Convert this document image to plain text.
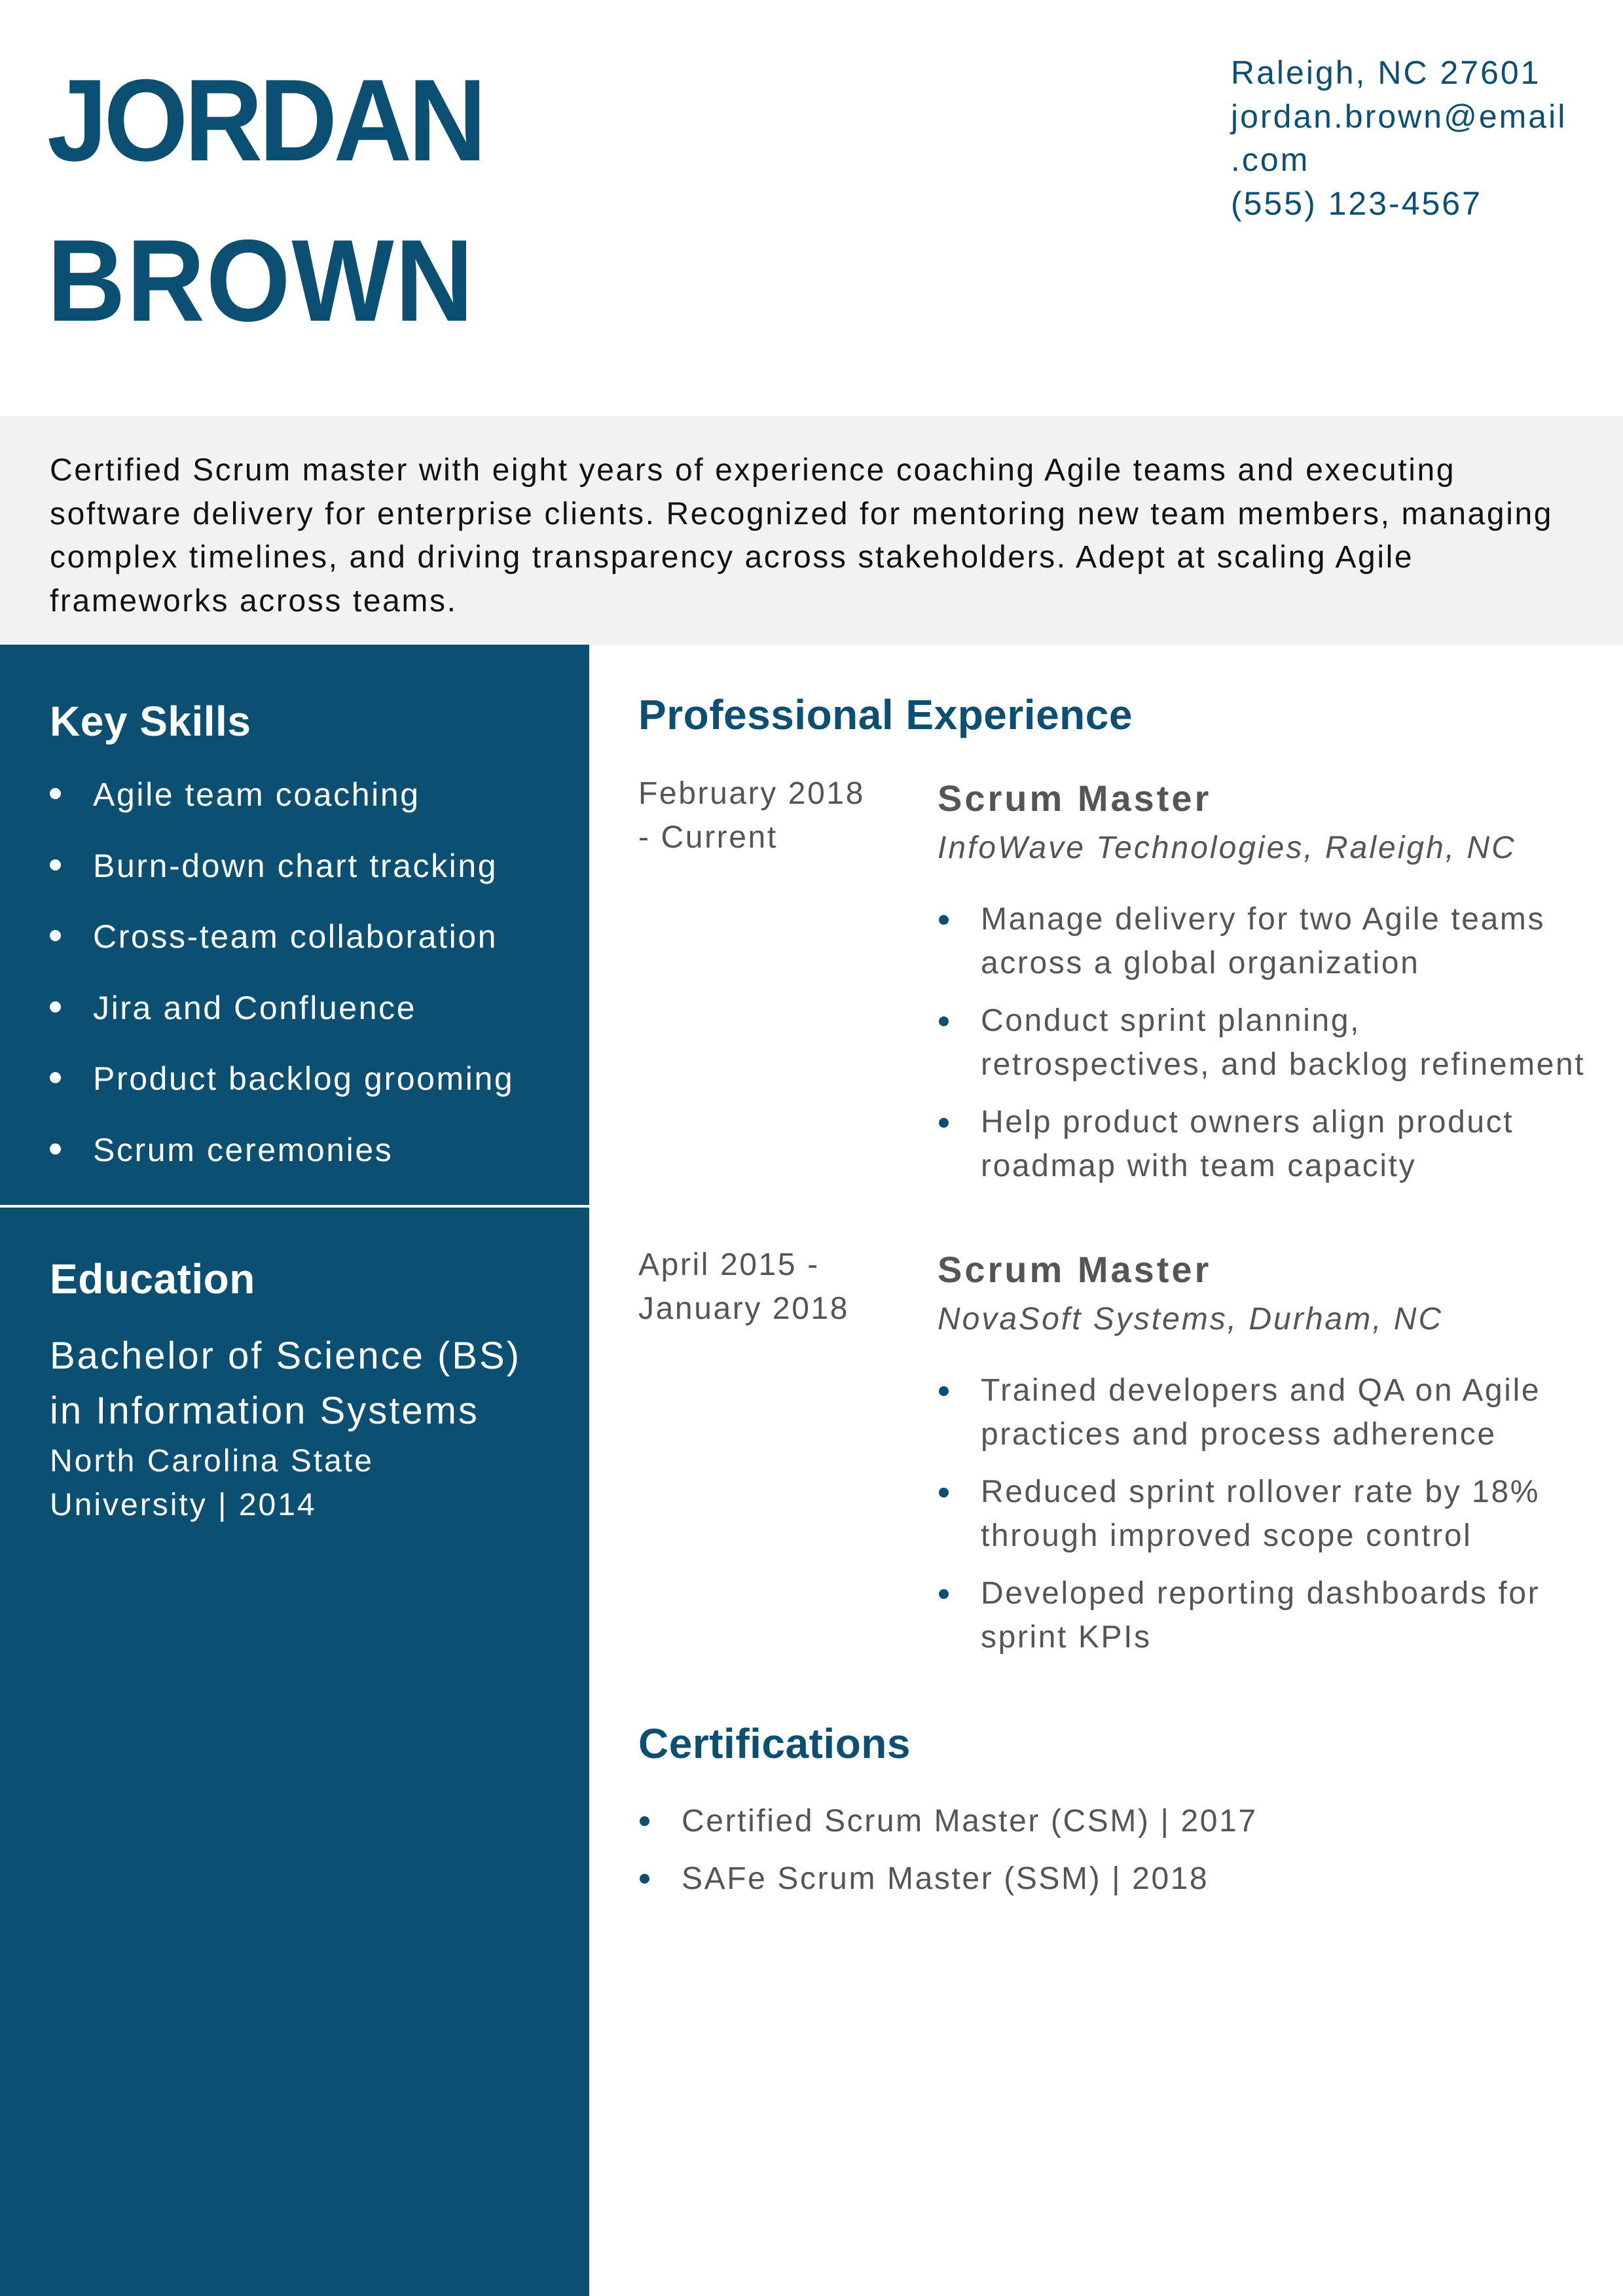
JORDAN
BROWN
Raleigh, NC 27601
jordan.brown@email
.com
(555) 123-4567

Certified Scrum master with eight years of experience coaching Agile teams and executing software delivery for enterprise clients. Recognized for mentoring new team members, managing complex timelines, and driving transparency across stakeholders. Adept at scaling Agile frameworks across teams.

Key Skills
Agile team coaching
Burn-down chart tracking
Cross-team collaboration
Jira and Confluence
Product backlog grooming
Scrum ceremonies
Education
Bachelor of Science (BS)
in Information Systems
North Carolina State
University | 2014
Professional Experience
February 2018
- Current
Scrum Master
InfoWave Technologies, Raleigh, NC
Manage delivery for two Agile teams across a global organization
Conduct sprint planning, retrospectives, and backlog refinement
Help product owners align product roadmap with team capacity
April 2015 -
January 2018
Scrum Master
NovaSoft Systems, Durham, NC
Trained developers and QA on Agile practices and process adherence
Reduced sprint rollover rate by 18% through improved scope control
Developed reporting dashboards for sprint KPIs
Certifications
Certified Scrum Master (CSM) | 2017
SAFe Scrum Master (SSM) | 2018
